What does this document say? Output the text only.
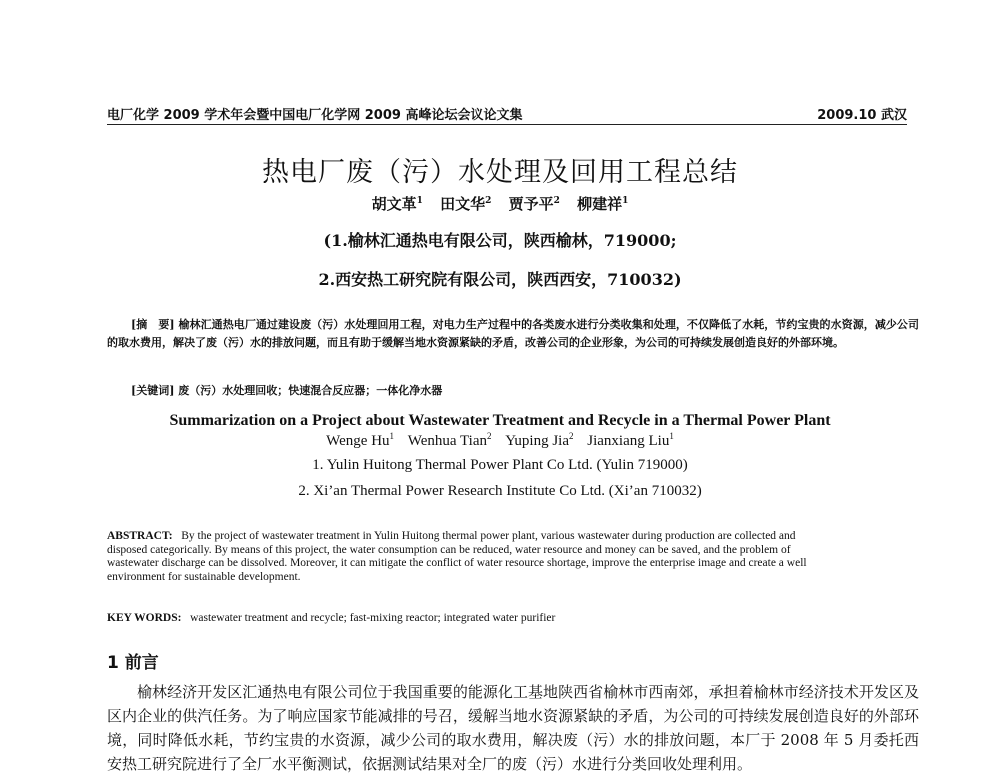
电厂化学 2009 学术年会暨中国电厂化学网 2009 高峰论坛会议论文集	2009.10 武汉
热电厂废（污）水处理及回用工程总结
胡文革$^1$ 田文华$^2$ 贾予平$^2$ 柳建祥$^1$
(1.榆林汇通热电有限公司，陕西榆林，719000;
2.西安热工研究院有限公司，陕西西安，710032)
[摘　要] 榆林汇通热电厂通过建设废（污）水处理回用工程，对电力生产过程中的各类废水进行分类收集和处理，不仅降低了水耗，节约宝贵的水资源，减少公司的取水费用，解决了废（污）水的排放问题，而且有助于缓解当地水资源紧缺的矛盾，改善公司的企业形象，为公司的可持续发展创造良好的外部环境。
[关键词] 废（污）水处理回收；快速混合反应器；一体化净水器
Summarization on a Project about Wastewater Treatment and Recycle in a Thermal Power Plant
Wenge Hu$^1$ Wenhua Tian$^2$ Yuping Jia$^2$ Jianxiang Liu$^1$
1. Yulin Huitong Thermal Power Plant Co Ltd. (Yulin 719000)
2. Xi’an Thermal Power Research Institute Co Ltd. (Xi’an 710032)
ABSTRACT: By the project of wastewater treatment in Yulin Huitong thermal power plant, various wastewater during production are collected and disposed categorically. By means of this project, the water consumption can be reduced, water resource and money can be saved, and the problem of wastewater discharge can be dissolved. Moreover, it can mitigate the conflict of water resource shortage, improve the enterprise image and create a well environment for sustainable development.
KEY WORDS: wastewater treatment and recycle; fast-mixing reactor; integrated water purifier
1 前言
榆林经济开发区汇通热电有限公司位于我国重要的能源化工基地陕西省榆林市西南郊，承担着榆林市经济技术开发区及区内企业的供汽任务。为了响应国家节能减排的号召，缓解当地水资源紧缺的矛盾，为公司的可持续发展创造良好的外部环境，同时降低水耗，节约宝贵的水资源，减少公司的取水费用，解决废（污）水的排放问题，本厂于 2008 年 5 月委托西安热工研究院进行了全厂水平衡测试，依据测试结果对全厂的废（污）水进行分类回收处理利用。
